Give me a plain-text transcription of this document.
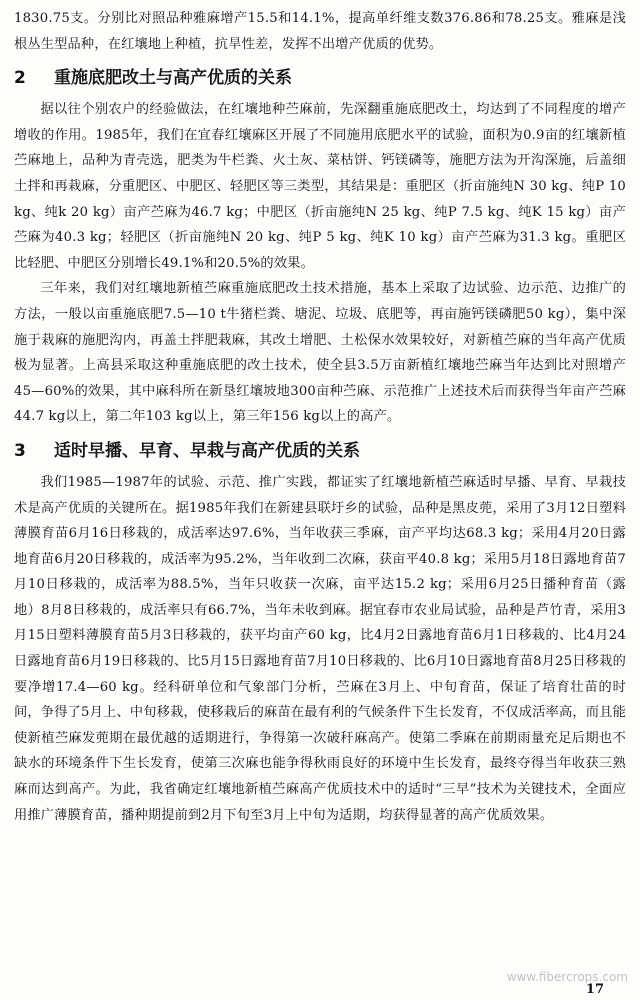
1830.75支。分别比对照品种雅麻增产15.5和14.1%，提高单纤维支数376.86和78.25支。雅麻是浅根丛生型品种，在红壤地上种植，抗旱性差，发挥不出增产优质的优势。

2 重施底肥改土与高产优质的关系

据以往个别农户的经验做法，在红壤地种苎麻前，先深翻重施底肥改土，均达到了不同程度的增产增收的作用。1985年，我们在宜春红壤麻区开展了不同施用底肥水平的试验，面积为0.9亩的红壤新植苎麻地上，品种为青壳选，肥类为牛栏粪、火土灰、菜枯饼、钙镁磷等，施肥方法为开沟深施，后盖细土拌和再栽麻，分重肥区、中肥区、轻肥区等三类型，其结果是：重肥区（折亩施纯N 30 kg、纯P 10 kg、纯k 20 kg）亩产苎麻为46.7 kg；中肥区（折亩施纯N 25 kg、纯P 7.5 kg、纯K 15 kg）亩产苎麻为40.3 kg；轻肥区（折亩施纯N 20 kg、纯P 5 kg、纯K 10 kg）亩产苎麻为31.3 kg。重肥区比轻肥、中肥区分别增长49.1%和20.5%的效果。

三年来，我们对红壤地新植苎麻重施底肥改土技术措施，基本上采取了边试验、边示范、边推广的方法，一般以亩重施底肥7.5—10 t牛猪栏粪、塘泥、垃圾、底肥等，再亩施钙镁磷肥50 kg），集中深施于栽麻的施肥沟内，再盖土拌肥栽麻，其改土增肥、土松保水效果较好，对新植苎麻的当年高产优质极为显著。上高县采取这种重施底肥的改土技术，使全县3.5万亩新植红壤地苎麻当年达到比对照增产45—60%的效果，其中麻科所在新垦红壤坡地300亩种苎麻、示范推广上述技术后而获得当年亩产苎麻44.7 kg以上，第二年103 kg以上，第三年156 kg以上的高产。

3 适时早播、早育、早栽与高产优质的关系

我们1985—1987年的试验、示范、推广实践，都证实了红壤地新植苎麻适时早播、早育、早栽技术是高产优质的关键所在。据1985年我们在新建县联圩乡的试验，品种是黑皮蔸，采用了3月12日塑料薄膜育苗6月16日移栽的，成活率达97.6%，当年收获三季麻，亩产平均达68.3 kg；采用4月20日露地育苗6月20日移栽的，成活率为95.2%，当年收到二次麻，获亩平40.8 kg；采用5月18日露地育苗7月10日移栽的，成活率为88.5%，当年只收获一次麻，亩平达15.2 kg；采用6月25日播种育苗（露地）8月8日移栽的，成活率只有66.7%，当年未收到麻。据宜春市农业局试验，品种是芦竹青，采用3月15日塑料薄膜育苗5月3日移栽的，获平均亩产60 kg，比4月2日露地育苗6月1日移栽的、比4月24日露地育苗6月19日移栽的、比5月15日露地育苗7月10日移栽的、比6月10日露地育苗8月25日移栽的要净增17.4—60 kg。经科研单位和气象部门分析，苎麻在3月上、中旬育苗，保证了培育壮苗的时间，争得了5月上、中旬移栽，使移栽后的麻苗在最有利的气候条件下生长发育，不仅成活率高，而且能使新植苎麻发蔸期在最优越的适期进行，争得第一次破秆麻高产。使第二季麻在前期雨量充足后期也不缺水的环境条件下生长发育，使第三次麻也能争得秋雨良好的环境中生长发育，最终夺得当年收获三熟麻而达到高产。为此，我省确定红壤地新植苎麻高产优质技术中的适时“三早”技术为关键技术，全面应用推广薄膜育苗，播种期提前到2月下旬至3月上中旬为适期，均获得显著的高产优质效果。

www.fibercrops.com
17
